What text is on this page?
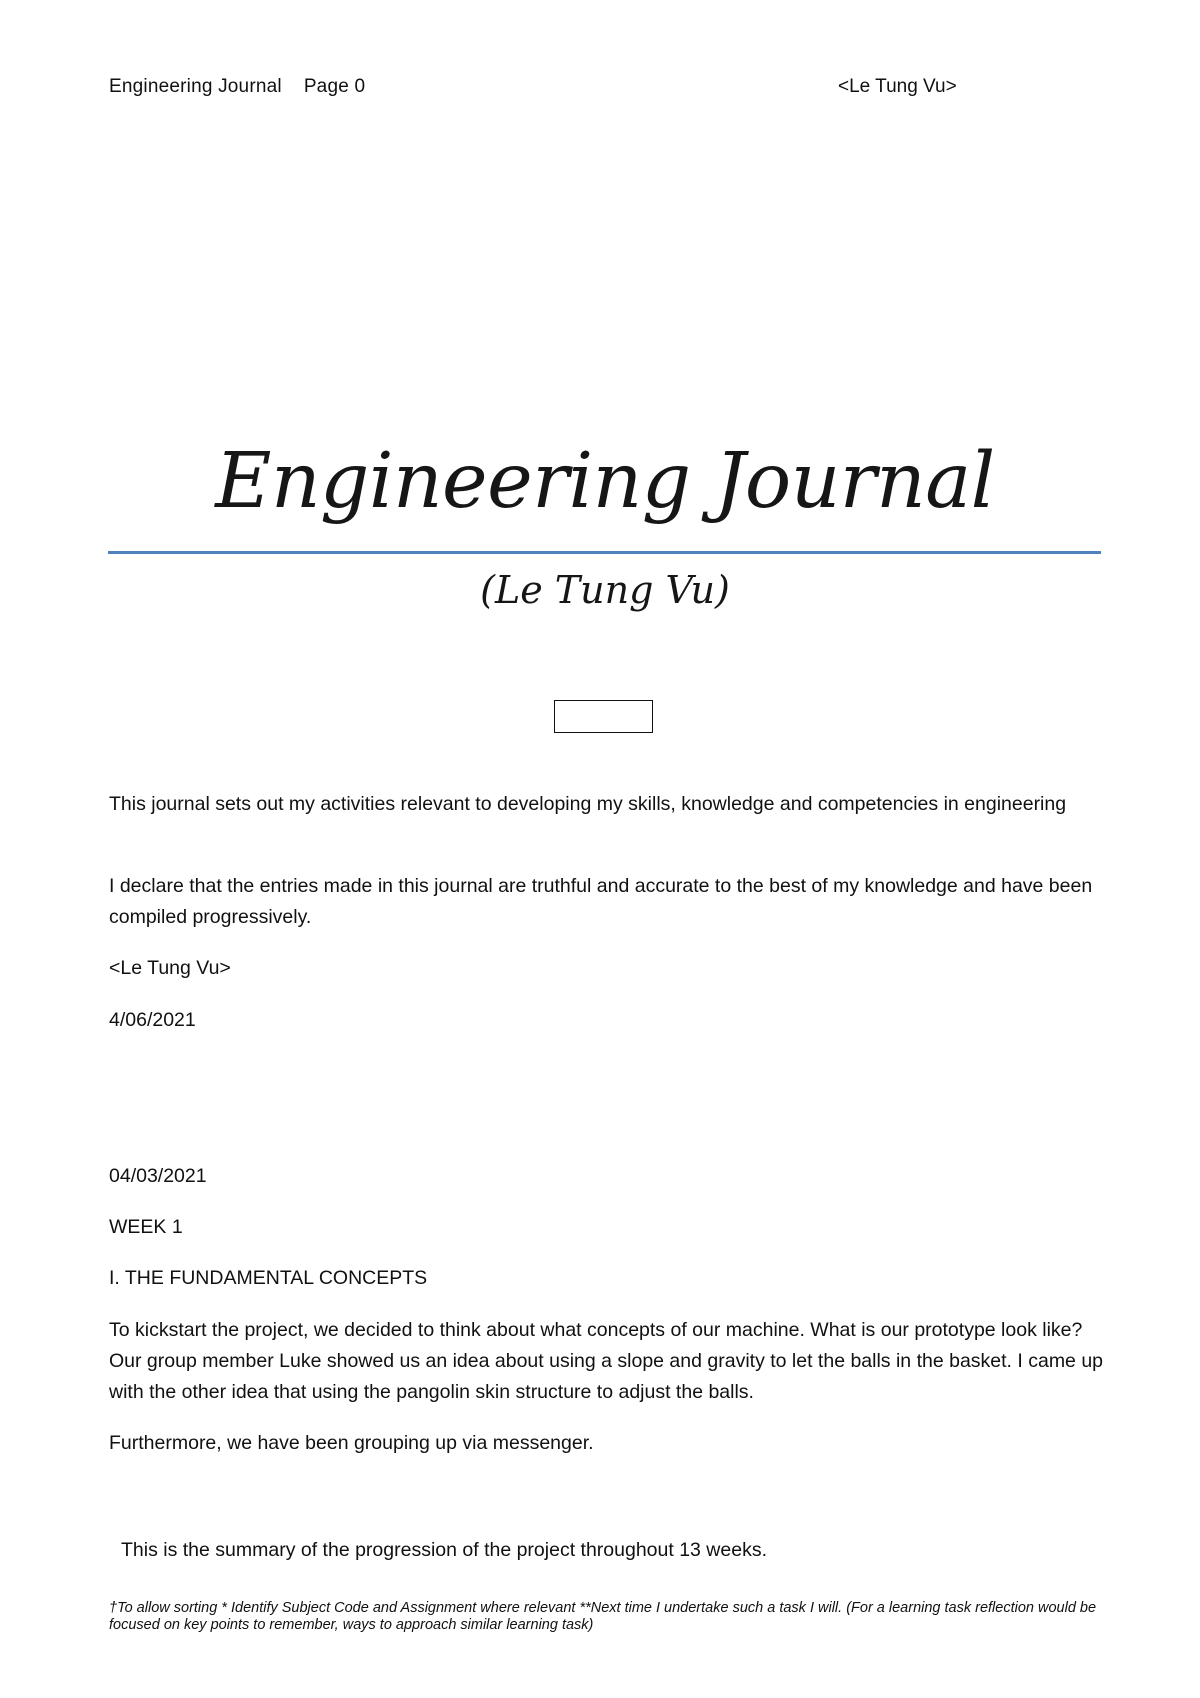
Engineering Journal Page 0	<Le Tung Vu>
Engineering Journal
(Le Tung Vu)

This journal sets out my activities relevant to developing my skills, knowledge and competencies in engineering

I declare that the entries made in this journal are truthful and accurate to the best of my knowledge and have been compiled progressively.

<Le Tung Vu>

4/06/2021

04/03/2021

WEEK 1

I. THE FUNDAMENTAL CONCEPTS

To kickstart the project, we decided to think about what concepts of our machine. What is our prototype look like? Our group member Luke showed us an idea about using a slope and gravity to let the balls in the basket. I came up with the other idea that using the pangolin skin structure to adjust the balls.

Furthermore, we have been grouping up via messenger.

This is the summary of the progression of the project throughout 13 weeks.

†To allow sorting * Identify Subject Code and Assignment where relevant **Next time I undertake such a task I will. (For a learning task reflection would be focused on key points to remember, ways to approach similar learning task)
